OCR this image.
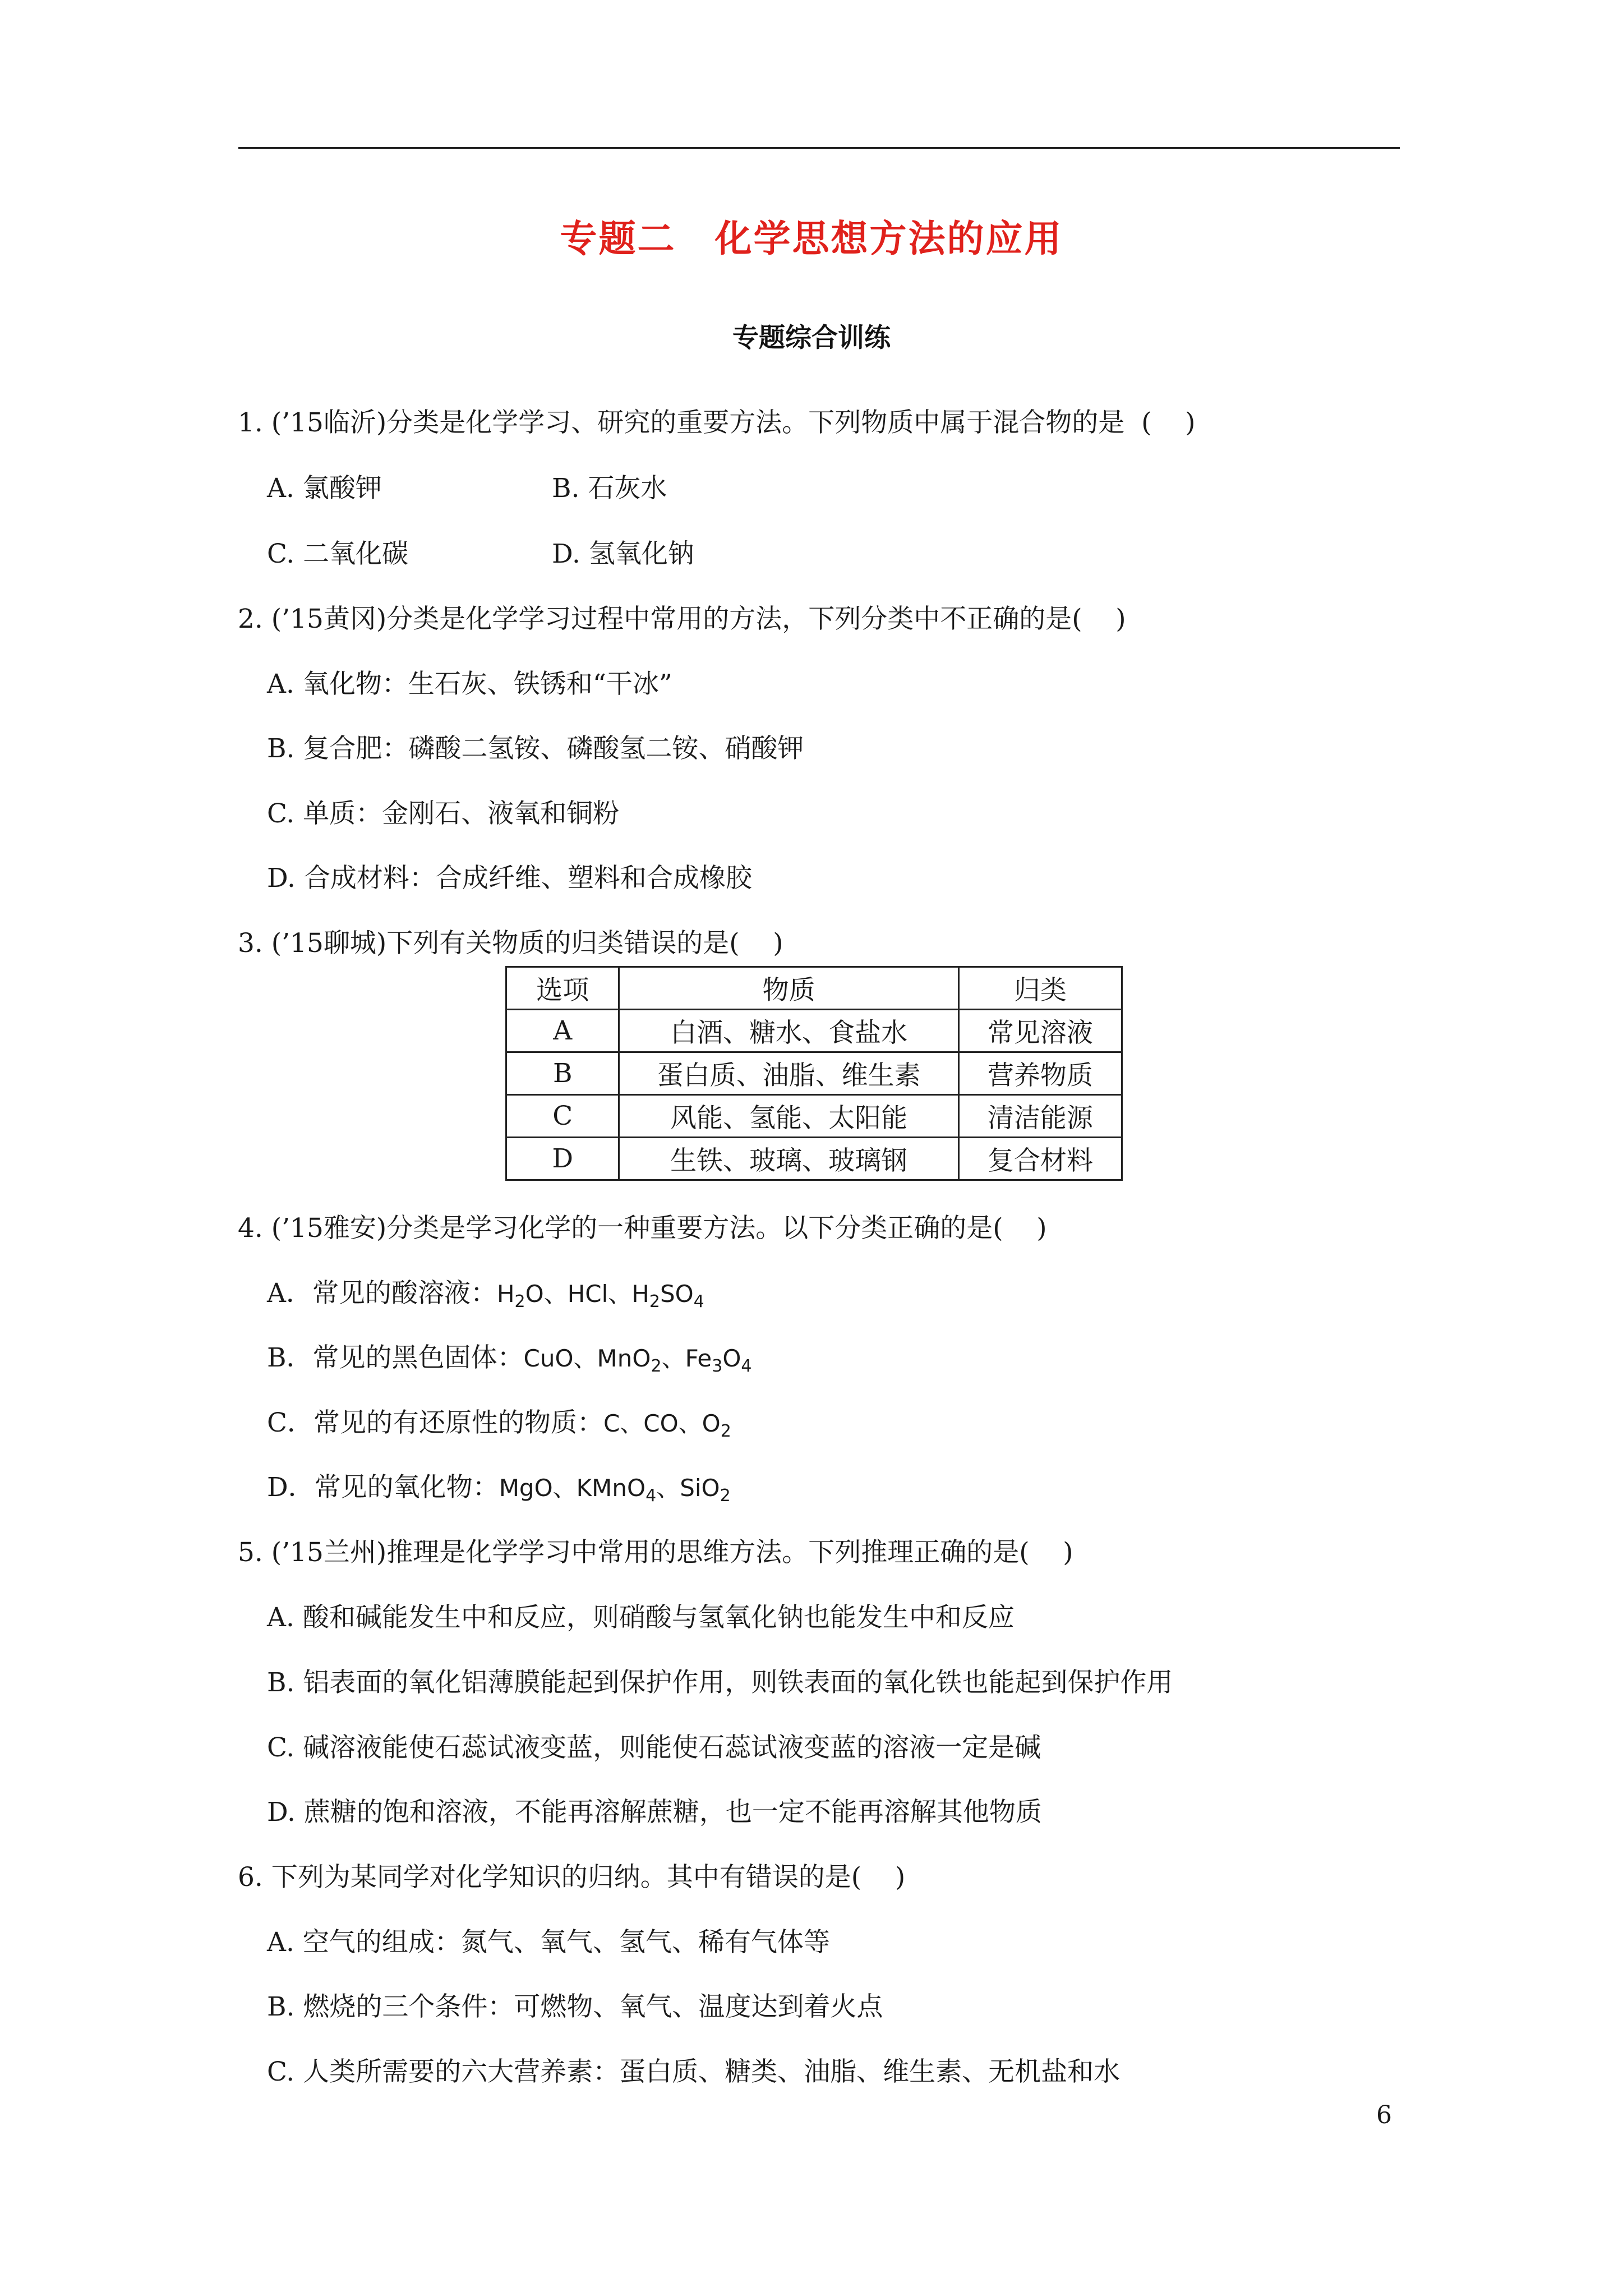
专题二　化学思想方法的应用
专题综合训练
1. (’15临沂)分类是化学学习、研究的重要方法。下列物质中属于混合物的是  (    )
A. 氯酸钾	B. 石灰水
C. 二氧化碳	D. 氢氧化钠
2. (’15黄冈)分类是化学学习过程中常用的方法，下列分类中不正确的是(    )
A. 氧化物：生石灰、铁锈和“干冰”
B. 复合肥：磷酸二氢铵、磷酸氢二铵、硝酸钾
C. 单质：金刚石、液氧和铜粉
D. 合成材料：合成纤维、塑料和合成橡胶
3. (’15聊城)下列有关物质的归类错误的是(    )
选项	物质	归类
A	白酒、糖水、食盐水	常见溶液
B	蛋白质、油脂、维生素	营养物质
C	风能、氢能、太阳能	清洁能源
D	生铁、玻璃、玻璃钢	复合材料
4. (’15雅安)分类是学习化学的一种重要方法。以下分类正确的是(    )
A．常见的酸溶液：$H_2O$、HCl、$H_2SO_4$
B．常见的黑色固体：CuO、MnO$_2$、$Fe_3O_4$
C．常见的有还原性的物质：C、CO、$O_2$
D．常见的氧化物：MgO、KMnO$_4$、SiO$_2$
5. (’15兰州)推理是化学学习中常用的思维方法。下列推理正确的是(    )
A. 酸和碱能发生中和反应，则硝酸与氢氧化钠也能发生中和反应
B. 铝表面的氧化铝薄膜能起到保护作用，则铁表面的氧化铁也能起到保护作用
C. 碱溶液能使石蕊试液变蓝，则能使石蕊试液变蓝的溶液一定是碱
D. 蔗糖的饱和溶液，不能再溶解蔗糖，也一定不能再溶解其他物质
6. 下列为某同学对化学知识的归纳。其中有错误的是(    )
A. 空气的组成：氮气、氧气、氢气、稀有气体等
B. 燃烧的三个条件：可燃物、氧气、温度达到着火点
C. 人类所需要的六大营养素：蛋白质、糖类、油脂、维生素、无机盐和水
6
